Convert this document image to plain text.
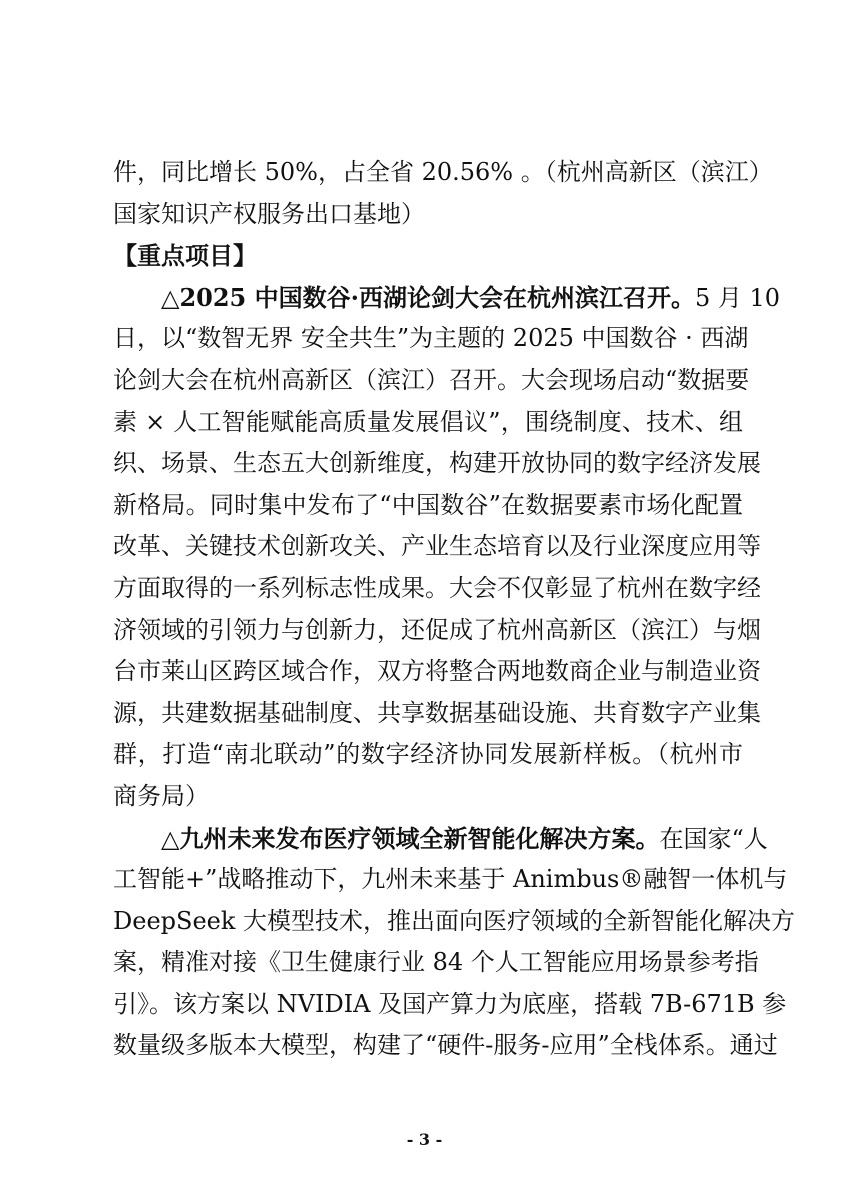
件，同比增长 50%，占全省 20.56% 。（杭州高新区（滨江）
国家知识产权服务出口基地）
【重点项目】
△2025 中国数谷·西湖论剑大会在杭州滨江召开。5 月 10
日，以“数智无界 安全共生”为主题的 2025 中国数谷 · 西湖
论剑大会在杭州高新区（滨江）召开。大会现场启动“数据要
素 × 人工智能赋能高质量发展倡议”，围绕制度、技术、组
织、场景、生态五大创新维度，构建开放协同的数字经济发展
新格局。同时集中发布了“中国数谷”在数据要素市场化配置
改革、关键技术创新攻关、产业生态培育以及行业深度应用等
方面取得的一系列标志性成果。大会不仅彰显了杭州在数字经
济领域的引领力与创新力，还促成了杭州高新区（滨江）与烟
台市莱山区跨区域合作，双方将整合两地数商企业与制造业资
源，共建数据基础制度、共享数据基础设施、共育数字产业集
群，打造“南北联动”的数字经济协同发展新样板。（杭州市
商务局）
△九州未来发布医疗领域全新智能化解决方案。在国家“人
工智能+”战略推动下，九州未来基于 Animbus®融智一体机与
DeepSeek 大模型技术，推出面向医疗领域的全新智能化解决方
案，精准对接《卫生健康行业 84 个人工智能应用场景参考指
引》。该方案以 NVIDIA 及国产算力为底座，搭载 7B-671B 参
数量级多版本大模型，构建了“硬件-服务-应用”全栈体系。通过
- 3 -
